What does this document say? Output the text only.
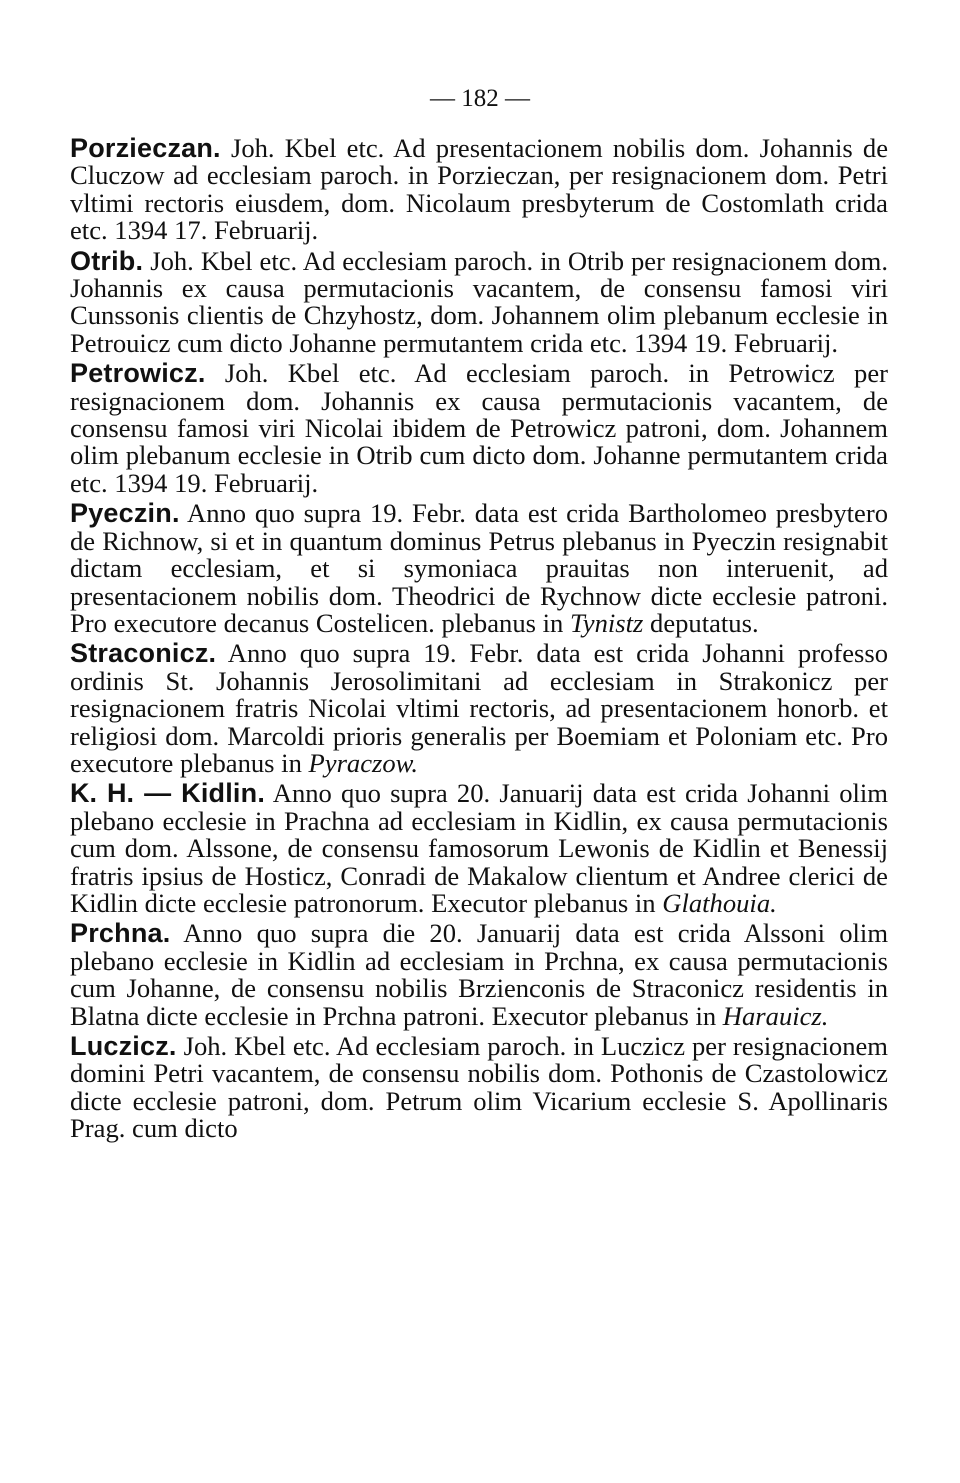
— 182 —

Porzieczan. Joh. Kbel etc. Ad presentacionem nobilis dom. Johannis de Cluczow ad ecclesiam paroch. in Porzieczan, per resignacionem dom. Petri vltimi rectoris eiusdem, dom. Nicolaum presbyterum de Costomlath crida etc. 1394 17. Februarij.

Otrib. Joh. Kbel etc. Ad ecclesiam paroch. in Otrib per resignacionem dom. Johannis ex causa permutacionis vacantem, de consensu famosi viri Cunssonis clientis de Chzyhostz, dom. Johannem olim plebanum ecclesie in Petrouicz cum dicto Johanne permutantem crida etc. 1394 19. Februarij.

Petrowicz. Joh. Kbel etc. Ad ecclesiam paroch. in Petrowicz per resignacionem dom. Johannis ex causa permutacionis vacantem, de consensu famosi viri Nicolai ibidem de Petrowicz patroni, dom. Johannem olim plebanum ecclesie in Otrib cum dicto dom. Johanne permutantem crida etc. 1394 19. Februarij.

Pyeczin. Anno quo supra 19. Febr. data est crida Bartholomeo presbytero de Richnow, si et in quantum dominus Petrus plebanus in Pyeczin resignabit dictam ecclesiam, et si symoniaca prauitas non interuenit, ad presentacionem nobilis dom. Theodrici de Rychnow dicte ecclesie patroni. Pro executore decanus Costelicen. plebanus in Tynistz deputatus.

Straconicz. Anno quo supra 19. Febr. data est crida Johanni professo ordinis St. Johannis Jerosolimitani ad ecclesiam in Strakonicz per resignacionem fratris Nicolai vltimi rectoris, ad presentacionem honorb. et religiosi dom. Marcoldi prioris generalis per Boemiam et Poloniam etc. Pro executore plebanus in Pyraczow.

K. H. — Kidlin. Anno quo supra 20. Januarij data est crida Johanni olim plebano ecclesie in Prachna ad ecclesiam in Kidlin, ex causa permutacionis cum dom. Alssone, de consensu famosorum Lewonis de Kidlin et Benessij fratris ipsius de Hosticz, Conradi de Makalow clientum et Andree clerici de Kidlin dicte ecclesie patronorum. Executor plebanus in Glathouia.

Prchna. Anno quo supra die 20. Januarij data est crida Alssoni olim plebano ecclesie in Kidlin ad ecclesiam in Prchna, ex causa permutacionis cum Johanne, de consensu nobilis Brzienconis de Straconicz residentis in Blatna dicte ecclesie in Prchna patroni. Executor plebanus in Harauicz.

Luczicz. Joh. Kbel etc. Ad ecclesiam paroch. in Luczicz per resignacionem domini Petri vacantem, de consensu nobilis dom. Pothonis de Czastolowicz dicte ecclesie patroni, dom. Petrum olim Vicarium ecclesie S. Apollinaris Prag. cum dicto
